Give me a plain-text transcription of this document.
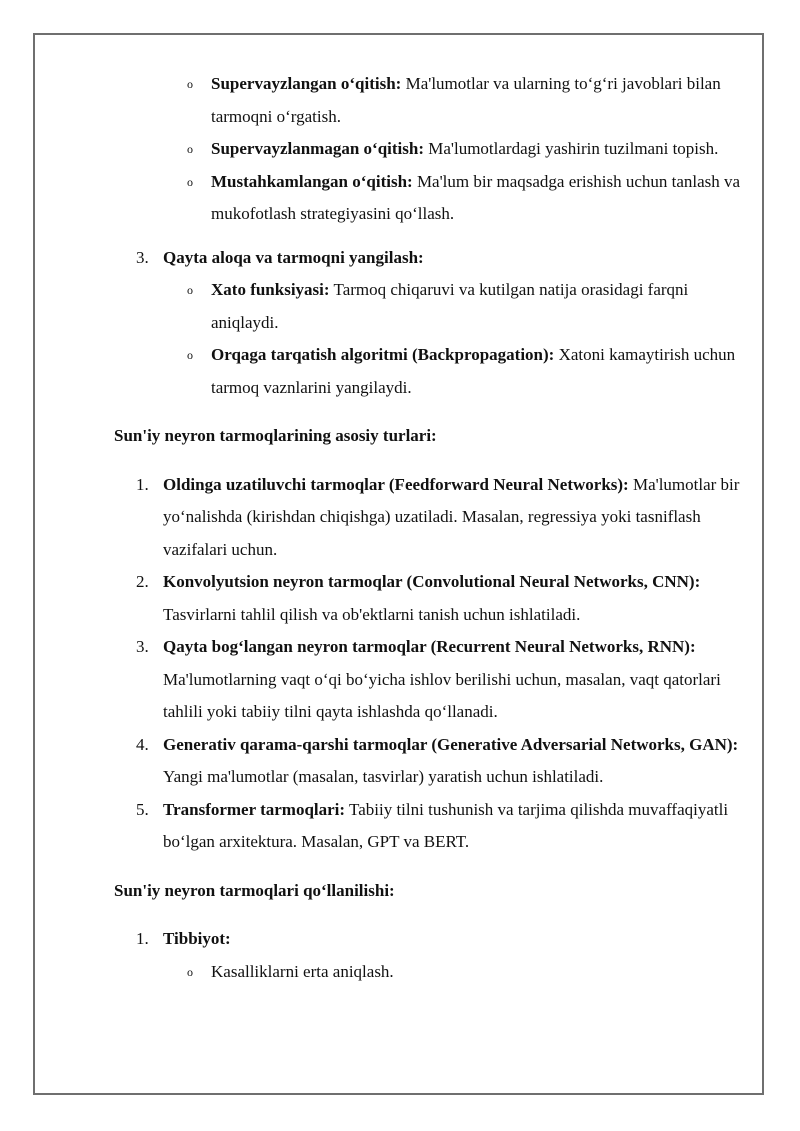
o Supervayzlangan o‘qitish: Ma'lumotlar va ularning to‘g‘ri javoblari bilan tarmoqni o‘rgatish.
o Supervayzlanmagan o‘qitish: Ma'lumotlardagi yashirin tuzilmani topish.
o Mustahkamlangan o‘qitish: Ma'lum bir maqsadga erishish uchun tanlash va mukofotlash strategiyasini qo‘llash.
3. Qayta aloqa va tarmoqni yangilash:
o Xato funksiyasi: Tarmoq chiqaruvi va kutilgan natija orasidagi farqni aniqlaydi.
o Orqaga tarqatish algoritmi (Backpropagation): Xatoni kamaytirish uchun tarmoq vaznlarini yangilaydi.
Sun'iy neyron tarmoqlarining asosiy turlari:
1. Oldinga uzatiluvchi tarmoqlar (Feedforward Neural Networks): Ma'lumotlar bir yo‘nalishda (kirishdan chiqishga) uzatiladi. Masalan, regressiya yoki tasniflash vazifalari uchun.
2. Konvolyutsion neyron tarmoqlar (Convolutional Neural Networks, CNN): Tasvirlarni tahlil qilish va ob'ektlarni tanish uchun ishlatiladi.
3. Qayta bog‘langan neyron tarmoqlar (Recurrent Neural Networks, RNN): Ma'lumotlarning vaqt o‘qi bo‘yicha ishlov berilishi uchun, masalan, vaqt qatorlari tahlili yoki tabiiy tilni qayta ishlashda qo‘llanadi.
4. Generativ qarama-qarshi tarmoqlar (Generative Adversarial Networks, GAN): Yangi ma'lumotlar (masalan, tasvirlar) yaratish uchun ishlatiladi.
5. Transformer tarmoqlari: Tabiiy tilni tushunish va tarjima qilishda muvaffaqiyatli bo‘lgan arxitektura. Masalan, GPT va BERT.
Sun'iy neyron tarmoqlari qo‘llanilishi:
1. Tibbiyot:
o Kasalliklarni erta aniqlash.
